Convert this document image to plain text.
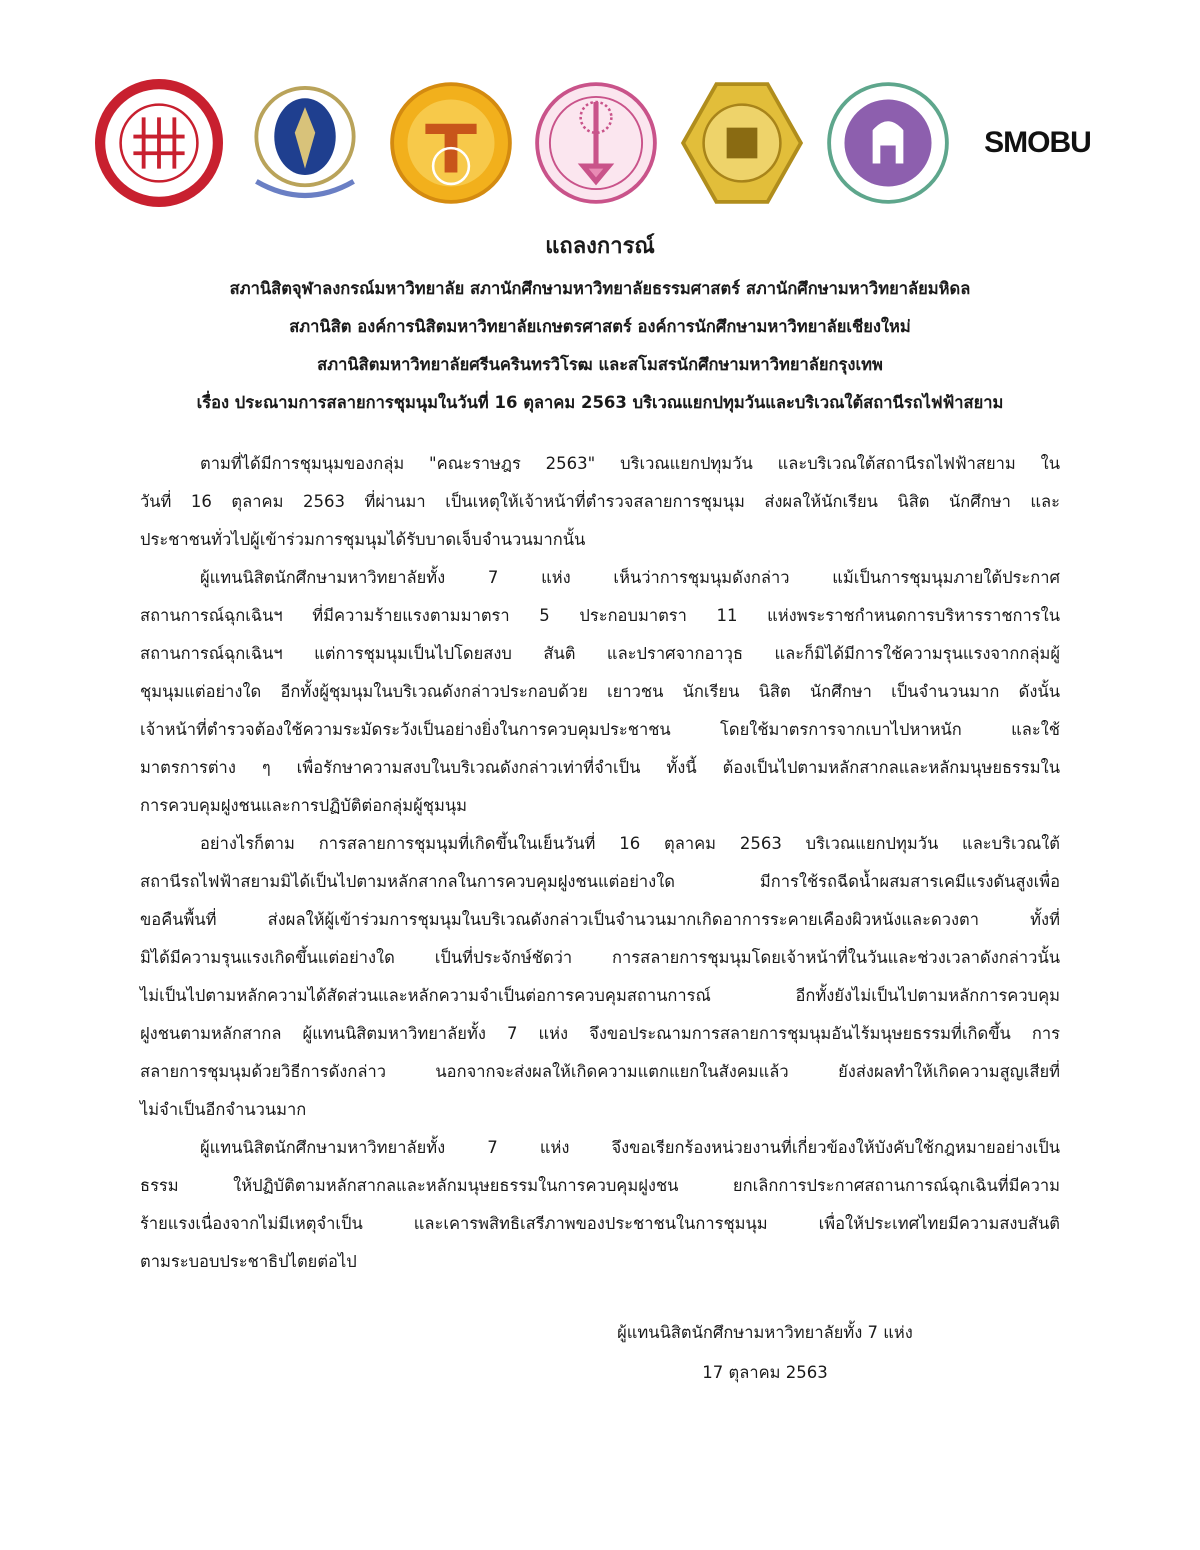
SMOBU
แถลงการณ์
สภานิสิตจุฬาลงกรณ์มหาวิทยาลัย สภานักศึกษามหาวิทยาลัยธรรมศาสตร์ สภานักศึกษามหาวิทยาลัยมหิดล
สภานิสิต องค์การนิสิตมหาวิทยาลัยเกษตรศาสตร์ องค์การนักศึกษามหาวิทยาลัยเชียงใหม่
สภานิสิตมหาวิทยาลัยศรีนครินทรวิโรฒ และสโมสรนักศึกษามหาวิทยาลัยกรุงเทพ
เรื่อง ประณามการสลายการชุมนุมในวันที่ 16 ตุลาคม 2563 บริเวณแยกปทุมวันและบริเวณใต้สถานีรถไฟฟ้าสยาม
ตามที่ได้มีการชุมนุมของกลุ่ม "คณะราษฎร 2563" บริเวณแยกปทุมวัน และบริเวณใต้สถานีรถไฟฟ้าสยาม ใน
วันที่ 16 ตุลาคม 2563 ที่ผ่านมา เป็นเหตุให้เจ้าหน้าที่ตำรวจสลายการชุมนุม ส่งผลให้นักเรียน นิสิต นักศึกษา และ
ประชาชนทั่วไปผู้เข้าร่วมการชุมนุมได้รับบาดเจ็บจำนวนมากนั้น
ผู้แทนนิสิตนักศึกษามหาวิทยาลัยทั้ง 7 แห่ง เห็นว่าการชุมนุมดังกล่าว แม้เป็นการชุมนุมภายใต้ประกาศ
สถานการณ์ฉุกเฉินฯ ที่มีความร้ายแรงตามมาตรา 5 ประกอบมาตรา 11 แห่งพระราชกำหนดการบริหารราชการใน
สถานการณ์ฉุกเฉินฯ แต่การชุมนุมเป็นไปโดยสงบ สันติ และปราศจากอาวุธ และก็มิได้มีการใช้ความรุนแรงจากกลุ่มผู้
ชุมนุมแต่อย่างใด อีกทั้งผู้ชุมนุมในบริเวณดังกล่าวประกอบด้วย เยาวชน นักเรียน นิสิต นักศึกษา เป็นจำนวนมาก ดังนั้น
เจ้าหน้าที่ตำรวจต้องใช้ความระมัดระวังเป็นอย่างยิ่งในการควบคุมประชาชน โดยใช้มาตรการจากเบาไปหาหนัก และใช้
มาตรการต่าง ๆ เพื่อรักษาความสงบในบริเวณดังกล่าวเท่าที่จำเป็น ทั้งนี้ ต้องเป็นไปตามหลักสากลและหลักมนุษยธรรมใน
การควบคุมฝูงชนและการปฏิบัติต่อกลุ่มผู้ชุมนุม
อย่างไรก็ตาม การสลายการชุมนุมที่เกิดขึ้นในเย็นวันที่ 16 ตุลาคม 2563 บริเวณแยกปทุมวัน และบริเวณใต้
สถานีรถไฟฟ้าสยามมิได้เป็นไปตามหลักสากลในการควบคุมฝูงชนแต่อย่างใด มีการใช้รถฉีดน้ำผสมสารเคมีแรงดันสูงเพื่อ
ขอคืนพื้นที่ ส่งผลให้ผู้เข้าร่วมการชุมนุมในบริเวณดังกล่าวเป็นจำนวนมากเกิดอาการระคายเคืองผิวหนังและดวงตา ทั้งที่
มิได้มีความรุนแรงเกิดขึ้นแต่อย่างใด เป็นที่ประจักษ์ชัดว่า การสลายการชุมนุมโดยเจ้าหน้าที่ในวันและช่วงเวลาดังกล่าวนั้น
ไม่เป็นไปตามหลักความได้สัดส่วนและหลักความจำเป็นต่อการควบคุมสถานการณ์ อีกทั้งยังไม่เป็นไปตามหลักการควบคุม
ฝูงชนตามหลักสากล ผู้แทนนิสิตมหาวิทยาลัยทั้ง 7 แห่ง จึงขอประณามการสลายการชุมนุมอันไร้มนุษยธรรมที่เกิดขึ้น การ
สลายการชุมนุมด้วยวิธีการดังกล่าว นอกจากจะส่งผลให้เกิดความแตกแยกในสังคมแล้ว ยังส่งผลทำให้เกิดความสูญเสียที่
ไม่จำเป็นอีกจำนวนมาก
ผู้แทนนิสิตนักศึกษามหาวิทยาลัยทั้ง 7 แห่ง จึงขอเรียกร้องหน่วยงานที่เกี่ยวข้องให้บังคับใช้กฎหมายอย่างเป็น
ธรรม ให้ปฏิบัติตามหลักสากลและหลักมนุษยธรรมในการควบคุมฝูงชน ยกเลิกการประกาศสถานการณ์ฉุกเฉินที่มีความ
ร้ายแรงเนื่องจากไม่มีเหตุจำเป็น และเคารพสิทธิเสรีภาพของประชาชนในการชุมนุม เพื่อให้ประเทศไทยมีความสงบสันติ
ตามระบอบประชาธิปไตยต่อไป
ผู้แทนนิสิตนักศึกษามหาวิทยาลัยทั้ง 7 แห่ง
17 ตุลาคม 2563
